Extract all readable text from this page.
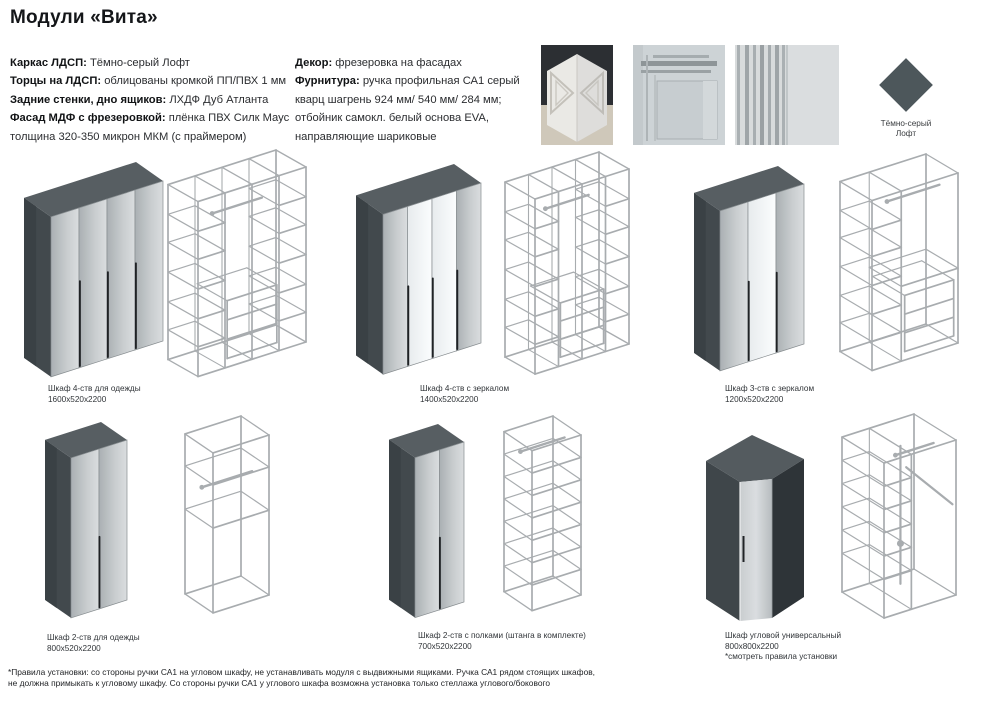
Модули «Вита»

Каркас ЛДСП: Тёмно-серый Лофт

Торцы на ЛДСП: облицованы кромкой ПП/ПВХ 1 мм

Задние стенки, дно ящиков: ЛХДФ Дуб Атланта

Фасад МДФ с фрезеровкой: плёнка ПВХ Силк Маус толщина 320-350 микрон МКМ (с праймером)

Декор: фрезеровка на фасадах

Фурнитура: ручка профильная СА1 серый кварц шагрень 924 мм/ 540 мм/ 284 мм; отбойник самокл. белый основа EVA, направляющие шариковые

Тёмно-серый Лофт
Шкаф 4-ств для одежды
1600х520х2200
Шкаф 4-ств с зеркалом
1400х520х2200
Шкаф 3-ств с зеркалом
1200х520х2200
Шкаф 2-ств для одежды
800х520х2200
Шкаф 2-ств с полками (штанга в комплекте)
700х520х2200
Шкаф угловой универсальный
800х800х2200
*смотреть правила установки
*Правила установки: со стороны ручки СА1 на угловом шкафу, не устанавливать модуля с выдвижными ящиками. Ручка СА1 рядом стоящих шкафов,
не должна примыкать к угловому шкафу. Со стороны ручки СА1 у углового шкафа возможна установка только стеллажа углового/бокового
